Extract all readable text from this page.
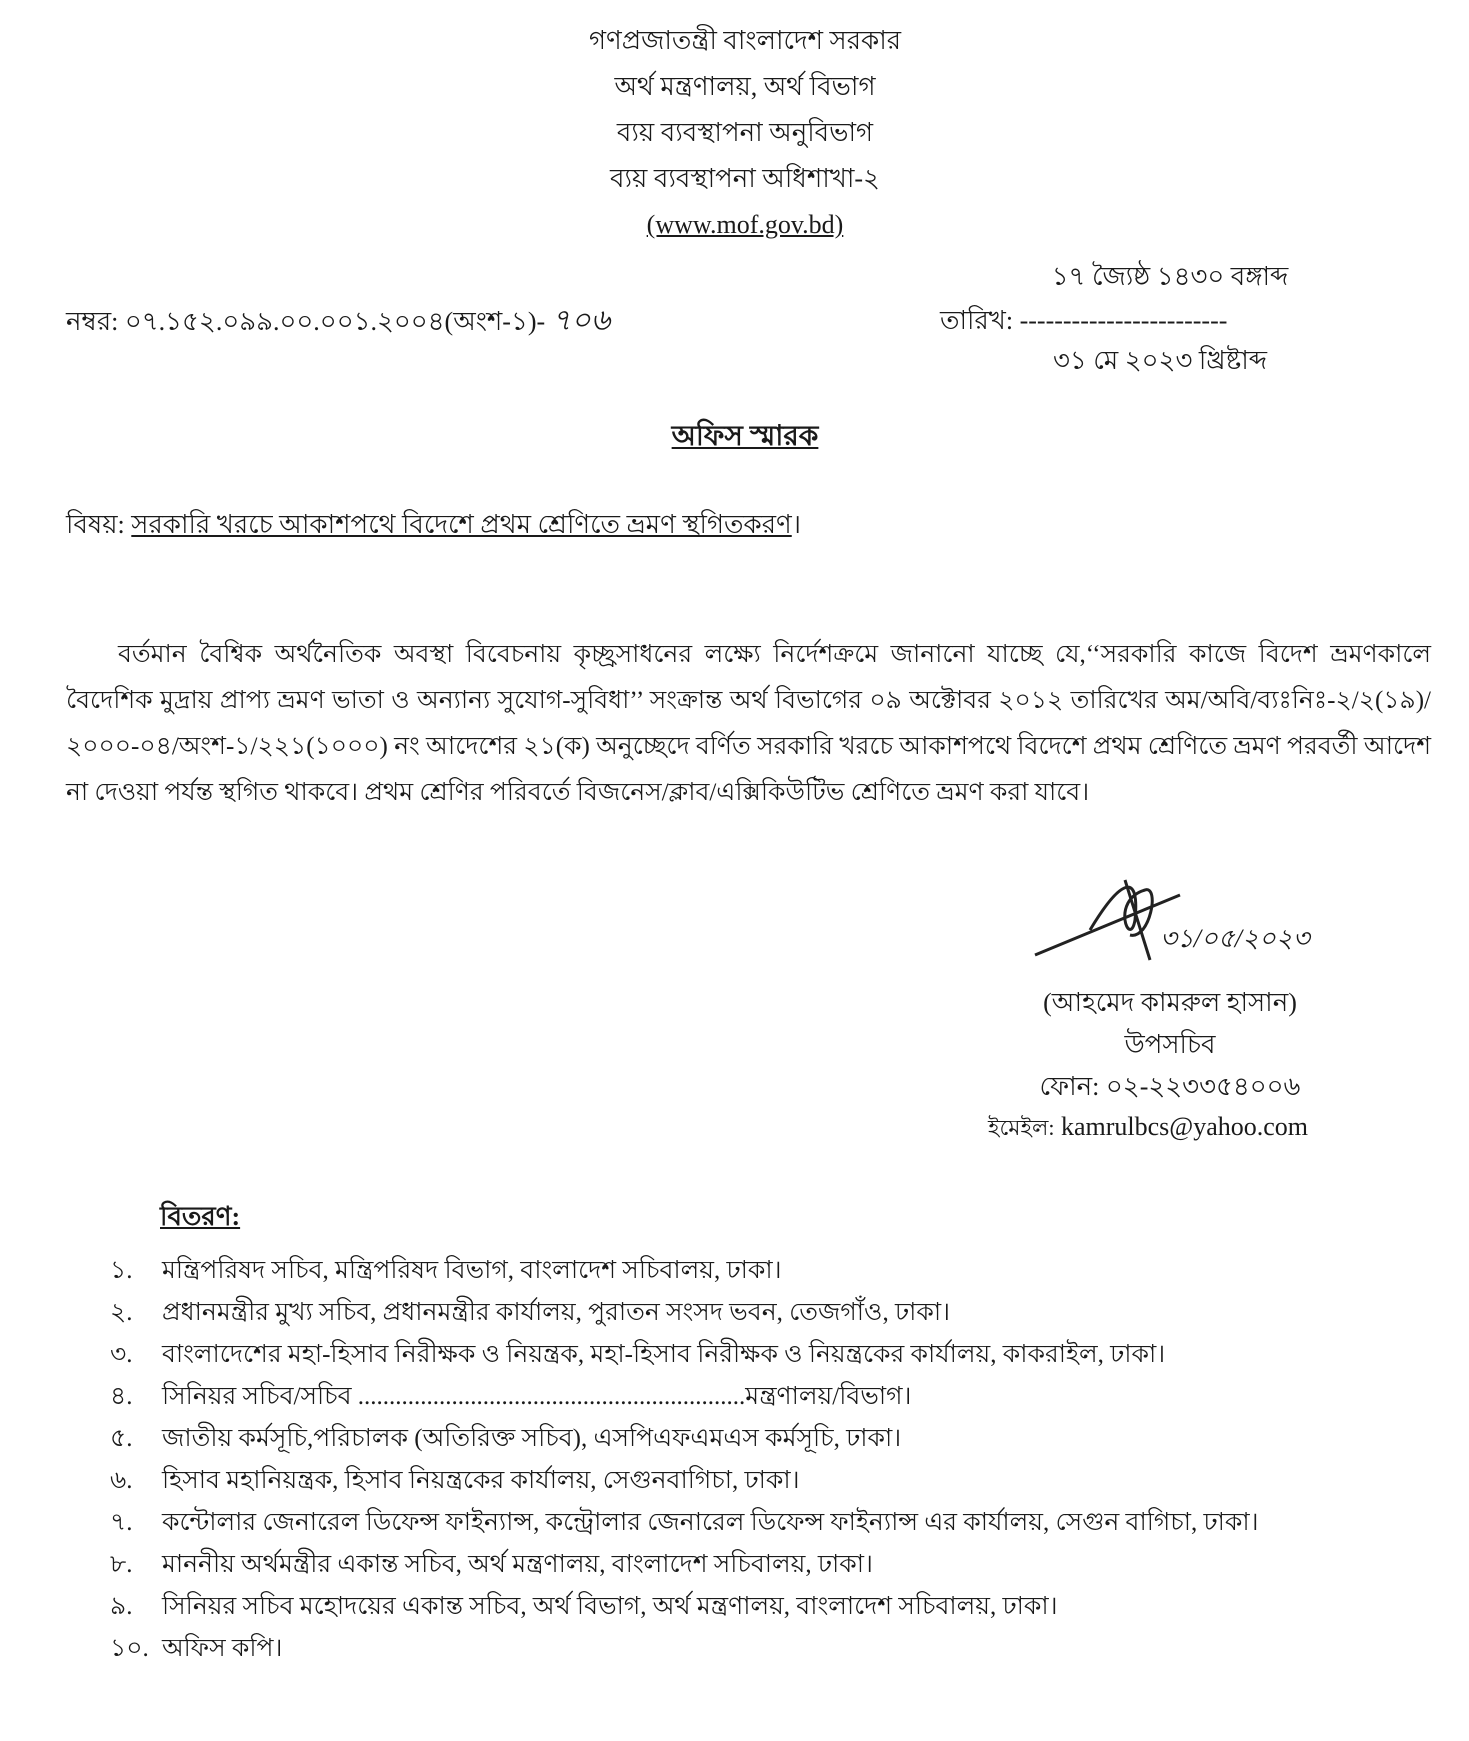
গণপ্রজাতন্ত্রী বাংলাদেশ সরকার
অর্থ মন্ত্রণালয়, অর্থ বিভাগ
ব্যয় ব্যবস্থাপনা অনুবিভাগ
ব্যয় ব্যবস্থাপনা অধিশাখা-২
(www.mof.gov.bd)
নম্বর: ০৭.১৫২.০৯৯.০০.০০১.২০০৪(অংশ-১)- ৭০৬
১৭ জ্যৈষ্ঠ ১৪৩০ বঙ্গাব্দ
তারিখ: ------------------------
৩১ মে ২০২৩ খ্রিষ্টাব্দ
অফিস স্মারক
বিষয়: সরকারি খরচে আকাশপথে বিদেশে প্রথম শ্রেণিতে ভ্রমণ স্থগিতকরণ।
বর্তমান বৈশ্বিক অর্থনৈতিক অবস্থা বিবেচনায় কৃচ্ছ্রসাধনের লক্ষ্যে নির্দেশক্রমে জানানো যাচ্ছে যে,‘‘সরকারি কাজে বিদেশ ভ্রমণকালে বৈদেশিক মুদ্রায় প্রাপ্য ভ্রমণ ভাতা ও অন্যান্য সুযোগ-সুবিধা’’ সংক্রান্ত অর্থ বিভাগের ০৯ অক্টোবর ২০১২ তারিখের অম/অবি/ব্যঃনিঃ-২/২(১৯)/২০০০-০৪/অংশ-১/২২১(১০০০) নং আদেশের ২১(ক) অনুচ্ছেদে বর্ণিত সরকারি খরচে আকাশপথে বিদেশে প্রথম শ্রেণিতে ভ্রমণ পরবর্তী আদেশ না দেওয়া পর্যন্ত স্থগিত থাকবে। প্রথম শ্রেণির পরিবর্তে বিজনেস/ক্লাব/এক্সিকিউটিভ শ্রেণিতে ভ্রমণ করা যাবে।
৩১/০৫/২০২৩
(আহমেদ কামরুল হাসান)
উপসচিব
ফোন: ০২-২২৩৩৫৪০০৬
ইমেইল: kamrulbcs@yahoo.com
বিতরণ:
১. মন্ত্রিপরিষদ সচিব, মন্ত্রিপরিষদ বিভাগ, বাংলাদেশ সচিবালয়, ঢাকা।
২. প্রধানমন্ত্রীর মুখ্য সচিব, প্রধানমন্ত্রীর কার্যালয়, পুরাতন সংসদ ভবন, তেজগাঁও, ঢাকা।
৩. বাংলাদেশের মহা-হিসাব নিরীক্ষক ও নিয়ন্ত্রক, মহা-হিসাব নিরীক্ষক ও নিয়ন্ত্রকের কার্যালয়, কাকরাইল, ঢাকা।
৪. সিনিয়র সচিব/সচিব ..............................................................মন্ত্রণালয়/বিভাগ।
৫. জাতীয় কর্মসূচি,পরিচালক (অতিরিক্ত সচিব), এসপিএফএমএস কর্মসূচি, ঢাকা।
৬. হিসাব মহানিয়ন্ত্রক, হিসাব নিয়ন্ত্রকের কার্যালয়, সেগুনবাগিচা, ঢাকা।
৭. কন্টোলার জেনারেল ডিফেন্স ফাইন্যান্স, কন্ট্রোলার জেনারেল ডিফেন্স ফাইন্যান্স এর কার্যালয়, সেগুন বাগিচা, ঢাকা।
৮. মাননীয় অর্থমন্ত্রীর একান্ত সচিব, অর্থ মন্ত্রণালয়, বাংলাদেশ সচিবালয়, ঢাকা।
৯. সিনিয়র সচিব মহোদয়ের একান্ত সচিব, অর্থ বিভাগ, অর্থ মন্ত্রণালয়, বাংলাদেশ সচিবালয়, ঢাকা।
১০. অফিস কপি।
